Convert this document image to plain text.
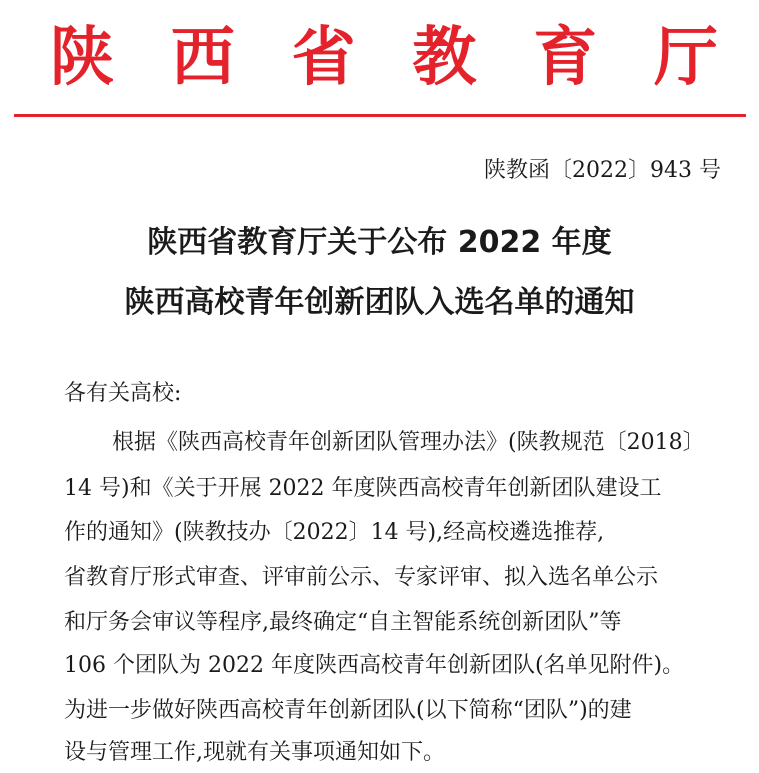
陕 西 省 教 育 厅
陕教函〔2022〕943 号
陕西省教育厅关于公布 2022 年度
陕西高校青年创新团队入选名单的通知
各有关高校:
根据《陕西高校青年创新团队管理办法》(陕教规范〔2018〕
14 号)和《关于开展 2022 年度陕西高校青年创新团队建设工
作的通知》(陕教技办〔2022〕14 号),经高校遴选推荐,
省教育厅形式审查、评审前公示、专家评审、拟入选名单公示
和厅务会审议等程序,最终确定“自主智能系统创新团队”等
106 个团队为 2022 年度陕西高校青年创新团队(名单见附件)。
为进一步做好陕西高校青年创新团队(以下简称“团队”)的建
设与管理工作,现就有关事项通知如下。
